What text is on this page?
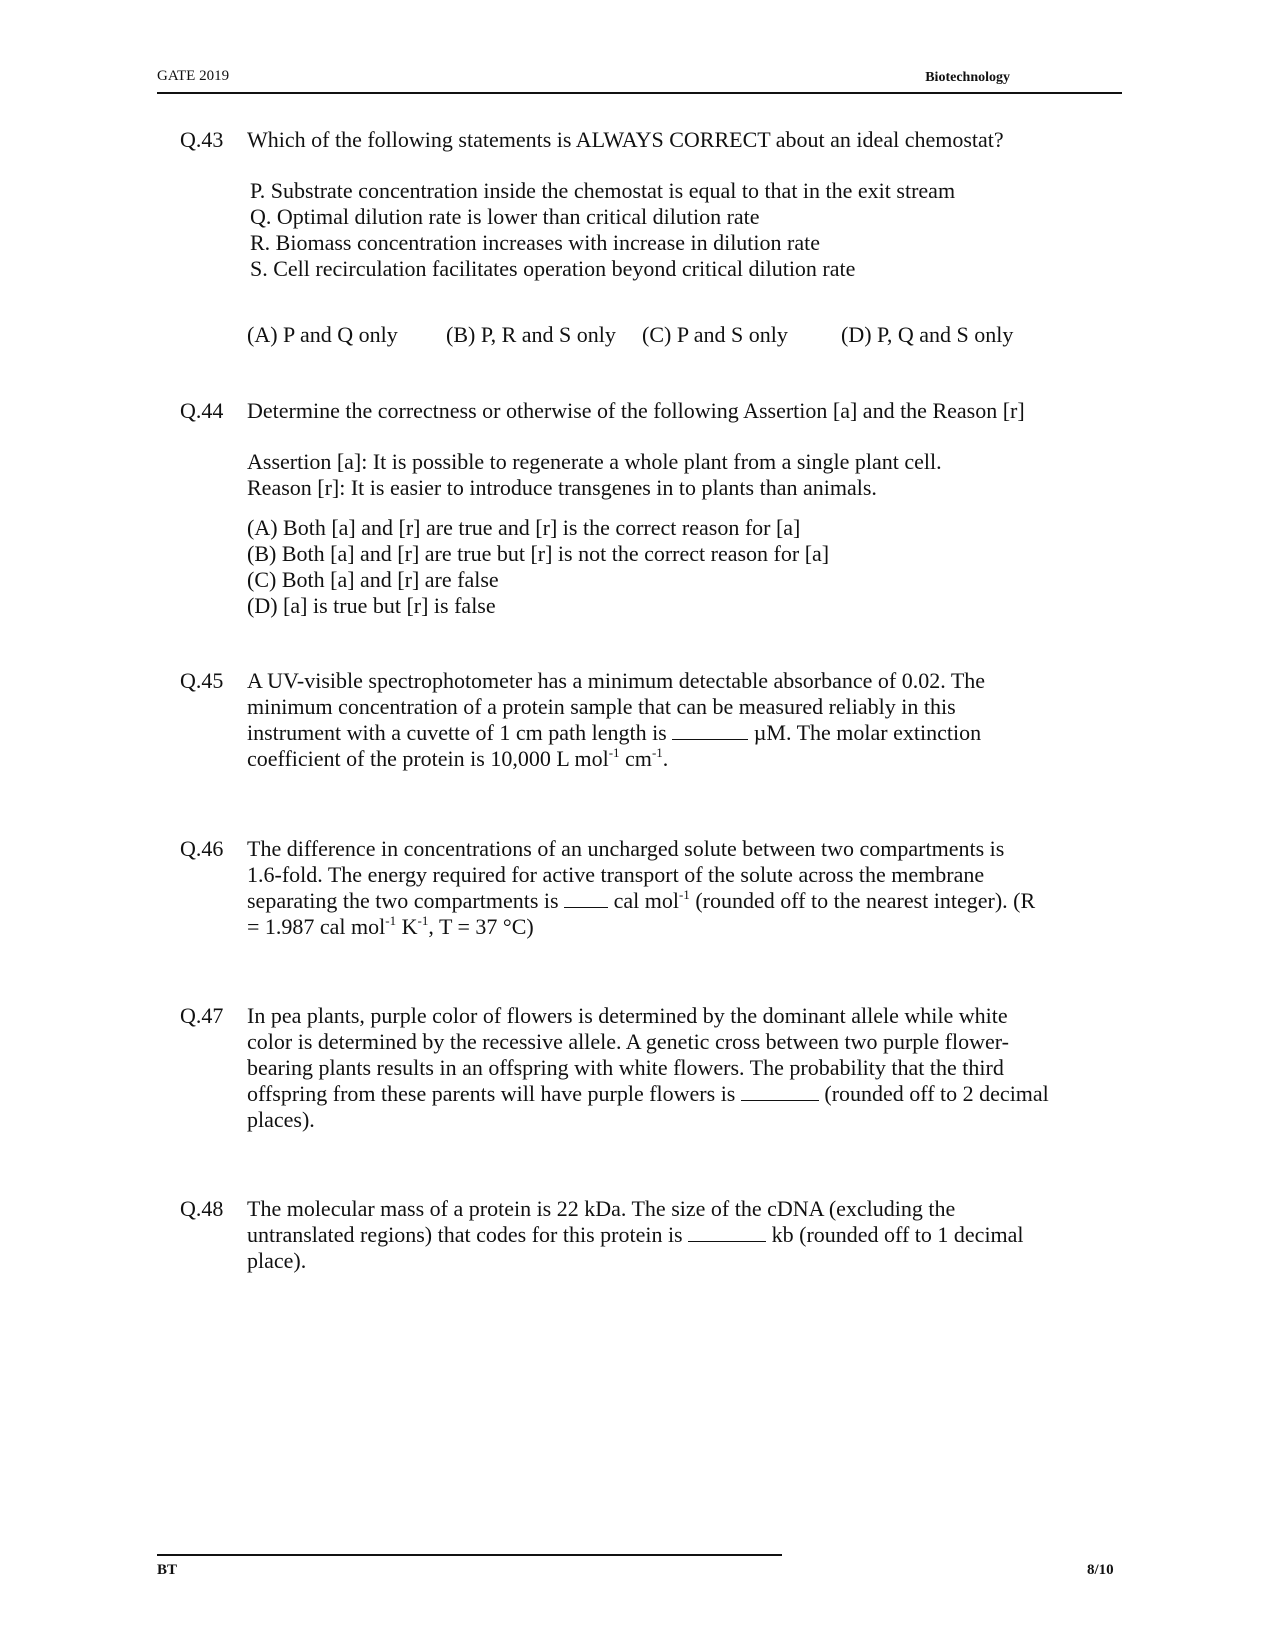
GATE 2019	Biotechnology
Q.43 Which of the following statements is ALWAYS CORRECT about an ideal chemostat?
P. Substrate concentration inside the chemostat is equal to that in the exit stream
Q. Optimal dilution rate is lower than critical dilution rate
R. Biomass concentration increases with increase in dilution rate
S. Cell recirculation facilitates operation beyond critical dilution rate
(A) P and Q only (B) P, R and S only (C) P and S only (D) P, Q and S only
Q.44 Determine the correctness or otherwise of the following Assertion [a] and the Reason [r]
Assertion [a]: It is possible to regenerate a whole plant from a single plant cell.
Reason [r]: It is easier to introduce transgenes in to plants than animals.
(A) Both [a] and [r] are true and [r] is the correct reason for [a]
(B) Both [a] and [r] are true but [r] is not the correct reason for [a]
(C) Both [a] and [r] are false
(D) [a] is true but [r] is false
Q.45 A UV-visible spectrophotometer has a minimum detectable absorbance of 0.02. The
minimum concentration of a protein sample that can be measured reliably in this
instrument with a cuvette of 1 cm path length is	µM. The molar extinction
coefficient of the protein is 10,000 L mol$^{-1}$ $cm^{-1}$.
Q.46 The difference in concentrations of an uncharged solute between two compartments is
1.6-fold. The energy required for active transport of the solute across the membrane
separating the two compartments is	cal mol$^{-1}$ (rounded off to the nearest integer). (R
= 1.987 cal mol$^{-1}$ $K^{-1}$, T = 37 °C)
Q.47 In pea plants, purple color of flowers is determined by the dominant allele while white
color is determined by the recessive allele. A genetic cross between two purple flower-
bearing plants results in an offspring with white flowers. The probability that the third
offspring from these parents will have purple flowers is	(rounded off to 2 decimal
places).
Q.48 The molecular mass of a protein is 22 kDa. The size of the cDNA (excluding the
untranslated regions) that codes for this protein is	kb (rounded off to 1 decimal
place).
BT	8/10
